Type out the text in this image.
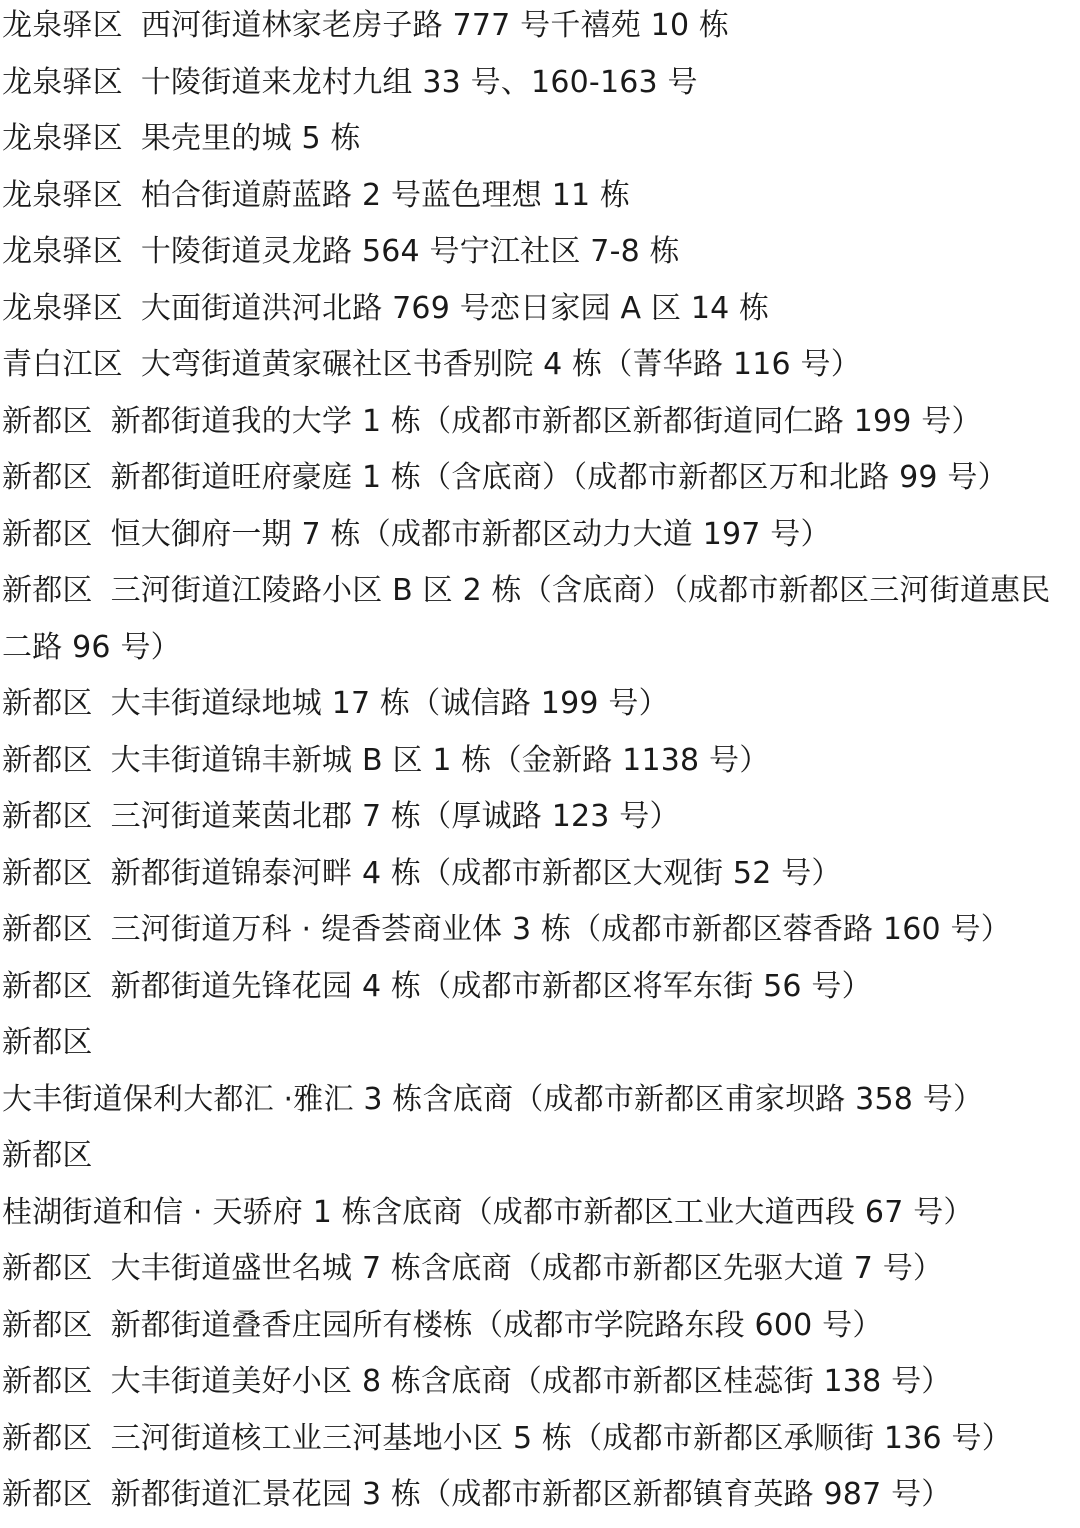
龙泉驿区 西河街道林家老房子路 777 号千禧苑 10 栋
龙泉驿区 十陵街道来龙村九组 33 号、160-163 号
龙泉驿区 果壳里的城 5 栋
龙泉驿区 柏合街道蔚蓝路 2 号蓝色理想 11 栋
龙泉驿区 十陵街道灵龙路 564 号宁江社区 7-8 栋
龙泉驿区 大面街道洪河北路 769 号恋日家园 A 区 14 栋
青白江区 大弯街道黄家碾社区书香别院 4 栋（菁华路 116 号）
新都区 新都街道我的大学 1 栋（成都市新都区新都街道同仁路 199 号）
新都区 新都街道旺府豪庭 1 栋（含底商）（成都市新都区万和北路 99 号）
新都区 恒大御府一期 7 栋（成都市新都区动力大道 197 号）
新都区 三河街道江陵路小区 B 区 2 栋（含底商）（成都市新都区三河街道惠民二路 96 号）
新都区 大丰街道绿地城 17 栋（诚信路 199 号）
新都区 大丰街道锦丰新城 B 区 1 栋（金新路 1138 号）
新都区 三河街道莱茵北郡 7 栋（厚诚路 123 号）
新都区 新都街道锦泰河畔 4 栋（成都市新都区大观街 52 号）
新都区 三河街道万科 · 缇香荟商业体 3 栋（成都市新都区蓉香路 160 号）
新都区 新都街道先锋花园 4 栋（成都市新都区将军东街 56 号）
新都区大丰街道保利大都汇 ·雅汇 3 栋含底商（成都市新都区甫家坝路 358 号）
新都区桂湖街道和信 · 天骄府 1 栋含底商（成都市新都区工业大道西段 67 号）
新都区 大丰街道盛世名城 7 栋含底商（成都市新都区先驱大道 7 号）
新都区 新都街道叠香庄园所有楼栋（成都市学院路东段 600 号）
新都区 大丰街道美好小区 8 栋含底商（成都市新都区桂蕊街 138 号）
新都区 三河街道核工业三河基地小区 5 栋（成都市新都区承顺街 136 号）
新都区 新都街道汇景花园 3 栋（成都市新都区新都镇育英路 987 号）
